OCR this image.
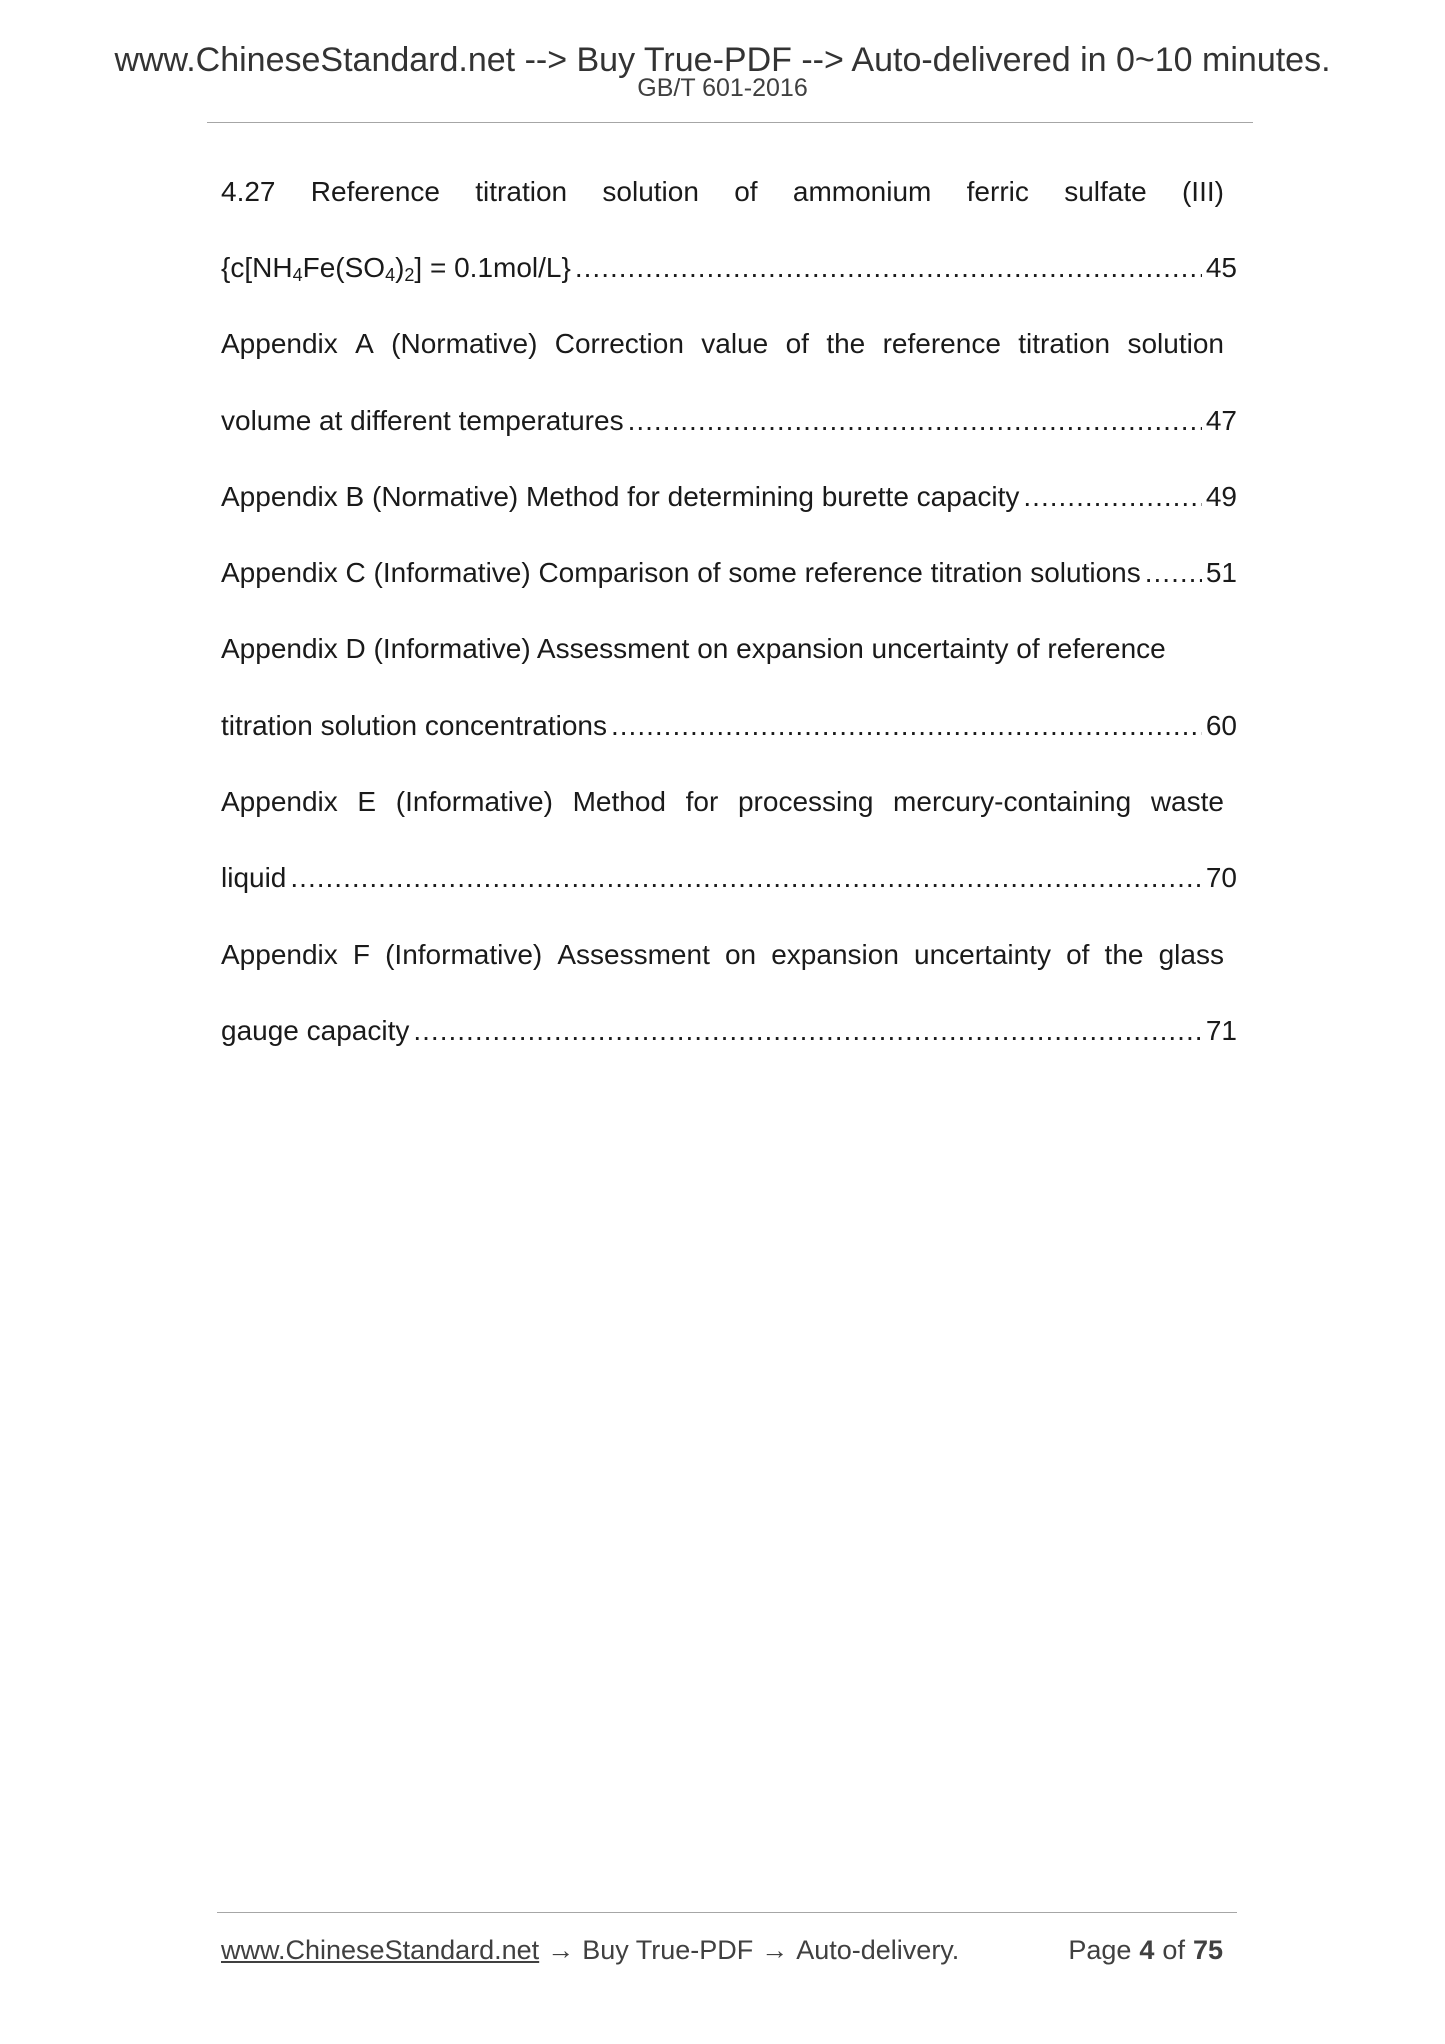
www.ChineseStandard.net --> Buy True-PDF --> Auto-delivered in 0~10 minutes.
GB/T 601-2016
4.27 Reference titration solution of ammonium ferric sulfate (III)
$\{c[NH_4Fe(SO_4)_2] = 0.1mol/L\}$ .....	45
Appendix A (Normative) Correction value of the reference titration solution
volume at different temperatures .....	47
Appendix B (Normative) Method for determining burette capacity .....	49
Appendix C (Informative) Comparison of some reference titration solutions ..... 51
Appendix D (Informative) Assessment on expansion uncertainty of reference
titration solution concentrations .....	60
Appendix E (Informative) Method for processing mercury-containing waste
liquid .....	70
Appendix F (Informative) Assessment on expansion uncertainty of the glass
gauge capacity .....	71
www.ChineseStandard.net → Buy True-PDF → Auto-delivery.	Page 4 of 75
